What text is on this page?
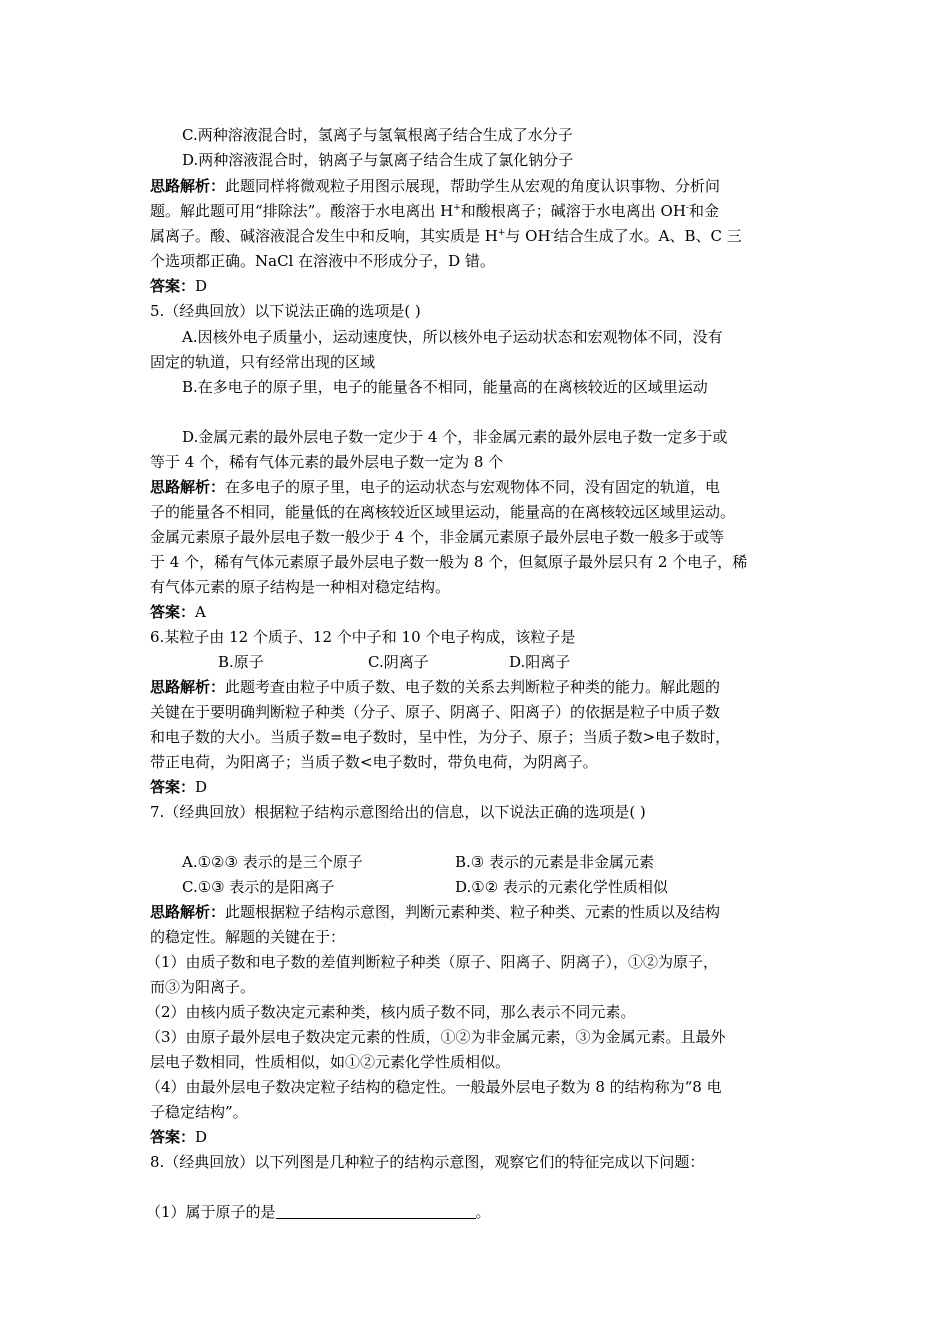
C.两种溶液混合时，氢离子与氢氧根离子结合生成了水分子
D.两种溶液混合时，钠离子与氯离子结合生成了氯化钠分子
思路解析：此题同样将微观粒子用图示展现，帮助学生从宏观的角度认识事物、分析问
题。解此题可用“排除法”。酸溶于水电离出 H+和酸根离子；碱溶于水电离出 OH-和金
属离子。酸、碱溶液混合发生中和反响，其实质是 H+与 OH-结合生成了水。A、B、C 三
个选项都正确。NaCl 在溶液中不形成分子，D 错。
答案：D
5.（经典回放）以下说法正确的选项是( )
A.因核外电子质量小，运动速度快，所以核外电子运动状态和宏观物体不同，没有
固定的轨道，只有经常出现的区域
B.在多电子的原子里，电子的能量各不相同，能量高的在离核较近的区域里运动
D.金属元素的最外层电子数一定少于 4 个，非金属元素的最外层电子数一定多于或
等于 4 个，稀有气体元素的最外层电子数一定为 8 个
思路解析：在多电子的原子里，电子的运动状态与宏观物体不同，没有固定的轨道，电
子的能量各不相同，能量低的在离核较近区域里运动，能量高的在离核较远区域里运动。
金属元素原子最外层电子数一般少于 4 个，非金属元素原子最外层电子数一般多于或等
于 4 个，稀有气体元素原子最外层电子数一般为 8 个，但氦原子最外层只有 2 个电子，稀
有气体元素的原子结构是一种相对稳定结构。
答案：A
6.某粒子由 12 个质子、12 个中子和 10 个电子构成，该粒子是
B.原子	C.阴离子	D.阳离子
思路解析：此题考查由粒子中质子数、电子数的关系去判断粒子种类的能力。解此题的
关键在于要明确判断粒子种类（分子、原子、阴离子、阳离子）的依据是粒子中质子数
和电子数的大小。当质子数=电子数时，呈中性，为分子、原子；当质子数>电子数时，
带正电荷，为阳离子；当质子数<电子数时，带负电荷，为阴离子。
答案：D
7.（经典回放）根据粒子结构示意图给出的信息，以下说法正确的选项是( )
A.①②③ 表示的是三个原子	B.③ 表示的元素是非金属元素
C.①③ 表示的是阳离子	D.①② 表示的元素化学性质相似
思路解析：此题根据粒子结构示意图，判断元素种类、粒子种类、元素的性质以及结构
的稳定性。解题的关键在于：
（1）由质子数和电子数的差值判断粒子种类（原子、阳离子、阴离子），①②为原子，
而③为阳离子。
（2）由核内质子数决定元素种类，核内质子数不同，那么表示不同元素。
（3）由原子最外层电子数决定元素的性质，①②为非金属元素，③为金属元素。且最外
层电子数相同，性质相似，如①②元素化学性质相似。
（4）由最外层电子数决定粒子结构的稳定性。一般最外层电子数为 8 的结构称为“8 电
子稳定结构”。
答案：D
8.（经典回放）以下列图是几种粒子的结构示意图，观察它们的特征完成以下问题：
（1）属于原子的是	。
